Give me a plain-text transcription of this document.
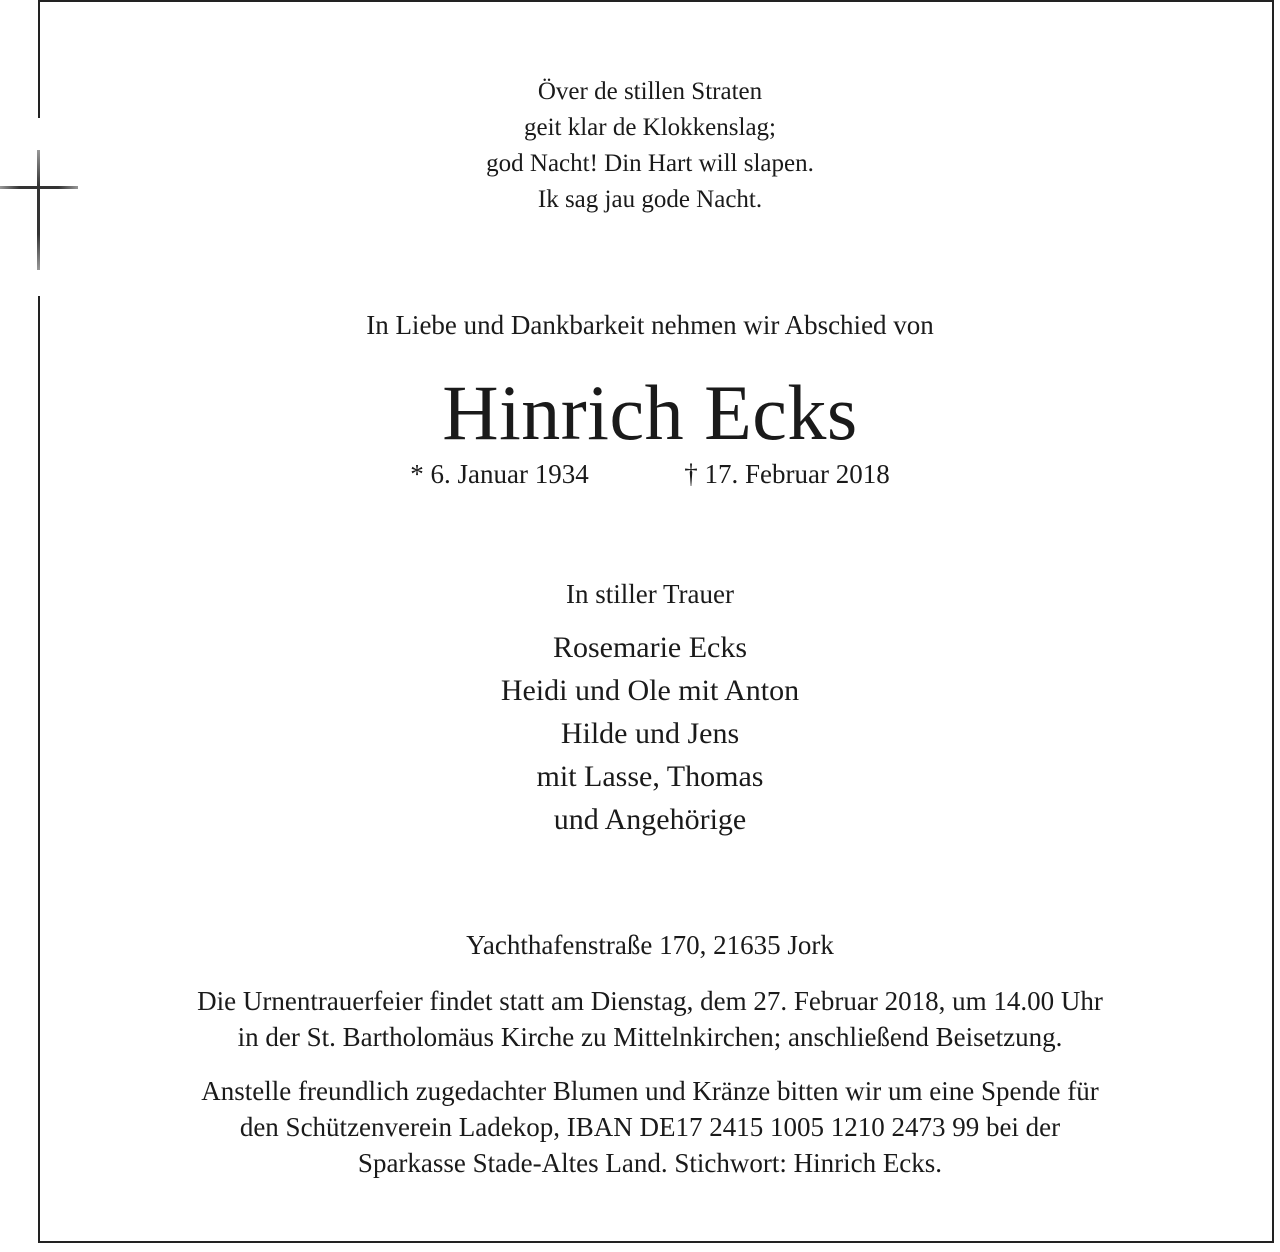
Över de stillen Straten
geit klar de Klokkenslag;
god Nacht! Din Hart will slapen.
Ik sag jau gode Nacht.
In Liebe und Dankbarkeit nehmen wir Abschied von
Hinrich Ecks
* 6. Januar 1934	† 17. Februar 2018
In stiller Trauer
Rosemarie Ecks
Heidi und Ole mit Anton
Hilde und Jens
mit Lasse, Thomas
und Angehörige
Yachthafenstraße 170, 21635 Jork
Die Urnentrauerfeier findet statt am Dienstag, dem 27. Februar 2018, um 14.00 Uhr
in der St. Bartholomäus Kirche zu Mittelnkirchen; anschließend Beisetzung.
Anstelle freundlich zugedachter Blumen und Kränze bitten wir um eine Spende für
den Schützenverein Ladekop, IBAN DE17 2415 1005 1210 2473 99 bei der
Sparkasse Stade-Altes Land. Stichwort: Hinrich Ecks.
